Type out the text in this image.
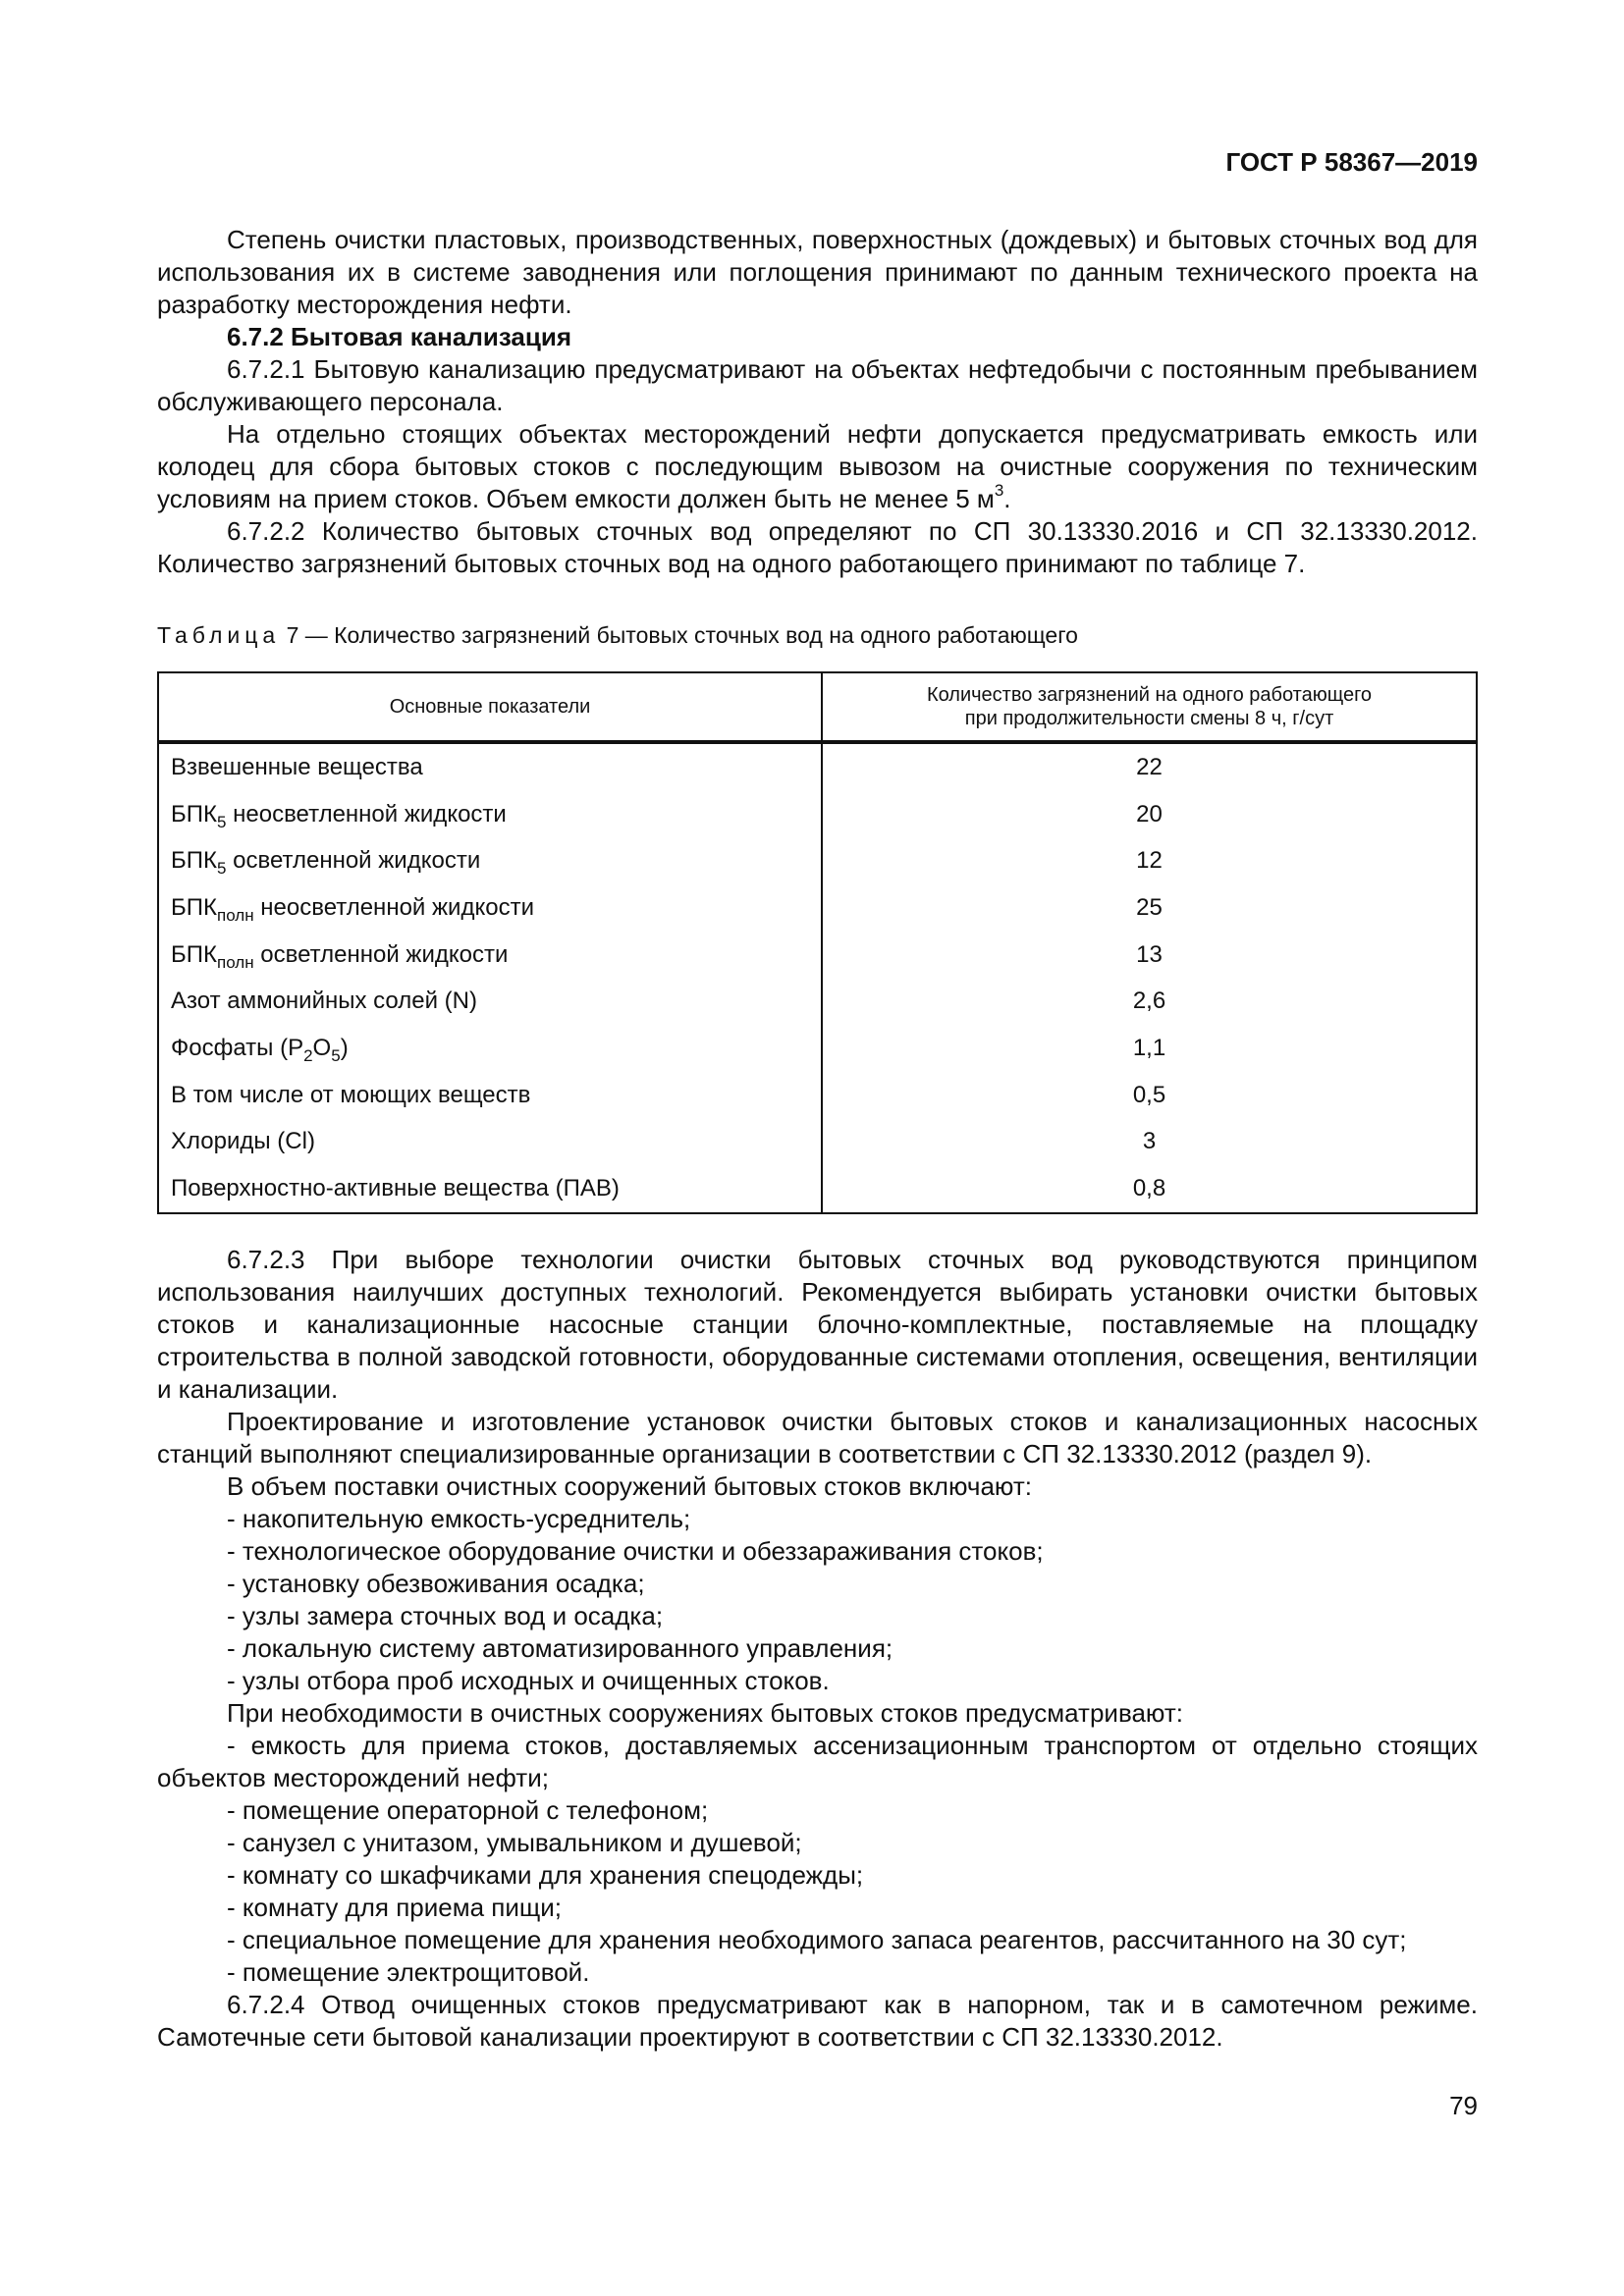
ГОСТ Р 58367—2019

Степень очистки пластовых, производственных, поверхностных (дождевых) и бытовых сточных вод для использования их в системе заводнения или поглощения принимают по данным технического проекта на разработку месторождения нефти.

6.7.2 Бытовая канализация

6.7.2.1 Бытовую канализацию предусматривают на объектах нефтедобычи с постоянным пребыванием обслуживающего персонала.

На отдельно стоящих объектах месторождений нефти допускается предусматривать емкость или колодец для сбора бытовых стоков с последующим вывозом на очистные сооружения по техническим условиям на прием стоков. Объем емкости должен быть не менее 5 $м^3$.

6.7.2.2 Количество бытовых сточных вод определяют по СП 30.13330.2016 и СП 32.13330.2012. Количество загрязнений бытовых сточных вод на одного работающего принимают по таблице 7.

Таблица 7 — Количество загрязнений бытовых сточных вод на одного работающего
Основные показатели	Количество загрязнений на одного работающего
при продолжительности смены 8 ч, г/сут
Взвешенные вещества	22
$БПК_5$ неосветленной жидкости	20
$БПК_5$ осветленной жидкости	12
$БПК_{полн}$ неосветленной жидкости	25
$БПК_{полн}$ осветленной жидкости	13
Азот аммонийных солей (N)	2,6
Фосфаты $(P_2O_5)$	1,1
В том числе от моющих веществ	0,5
Хлориды (Cl)	3
Поверхностно-активные вещества (ПАВ)	0,8

6.7.2.3 При выборе технологии очистки бытовых сточных вод руководствуются принципом использования наилучших доступных технологий. Рекомендуется выбирать установки очистки бытовых стоков и канализационные насосные станции блочно-комплектные, поставляемые на площадку строительства в полной заводской готовности, оборудованные системами отопления, освещения, вентиляции и канализации.

Проектирование и изготовление установок очистки бытовых стоков и канализационных насосных станций выполняют специализированные организации в соответствии с СП 32.13330.2012 (раздел 9).

В объем поставки очистных сооружений бытовых стоков включают:

- накопительную емкость-усреднитель;

- технологическое оборудование очистки и обеззараживания стоков;

- установку обезвоживания осадка;

- узлы замера сточных вод и осадка;

- локальную систему автоматизированного управления;

- узлы отбора проб исходных и очищенных стоков.

При необходимости в очистных сооружениях бытовых стоков предусматривают:

- емкость для приема стоков, доставляемых ассенизационным транспортом от отдельно стоящих объектов месторождений нефти;

- помещение операторной с телефоном;

- санузел с унитазом, умывальником и душевой;

- комнату со шкафчиками для хранения спецодежды;

- комнату для приема пищи;

- специальное помещение для хранения необходимого запаса реагентов, рассчитанного на 30 сут;

- помещение электрощитовой.

6.7.2.4 Отвод очищенных стоков предусматривают как в напорном, так и в самотечном режиме. Самотечные сети бытовой канализации проектируют в соответствии с СП 32.13330.2012.

79
